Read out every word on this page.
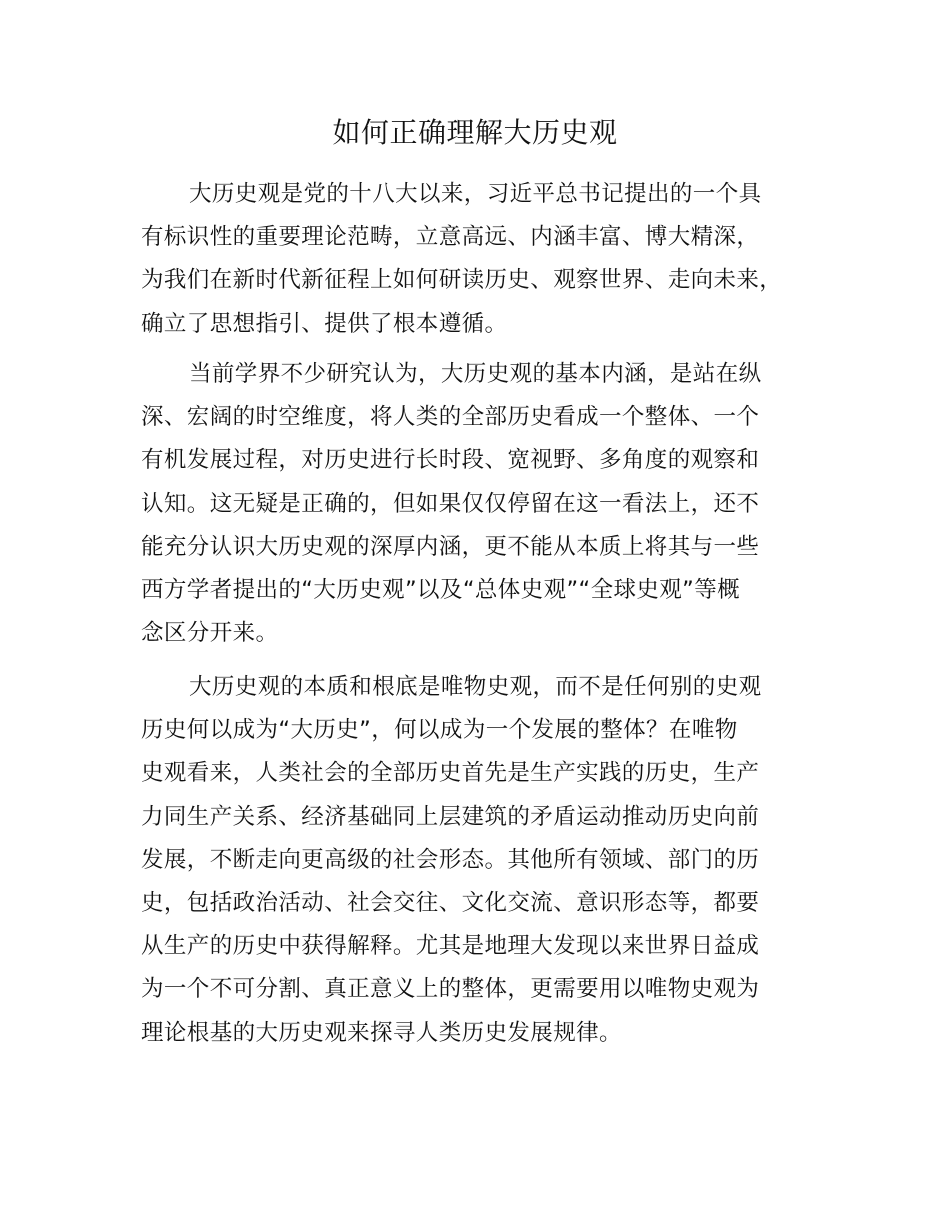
如何正确理解大历史观

大历史观是党的十八大以来，习近平总书记提出的一个具
有标识性的重要理论范畴，立意高远、内涵丰富、博大精深，
为我们在新时代新征程上如何研读历史、观察世界、走向未来，
确立了思想指引、提供了根本遵循。

当前学界不少研究认为，大历史观的基本内涵，是站在纵
深、宏阔的时空维度，将人类的全部历史看成一个整体、一个
有机发展过程，对历史进行长时段、宽视野、多角度的观察和
认知。这无疑是正确的，但如果仅仅停留在这一看法上，还不
能充分认识大历史观的深厚内涵，更不能从本质上将其与一些
西方学者提出的“大历史观”以及“总体史观”“全球史观”等概
念区分开来。

大历史观的本质和根底是唯物史观，而不是任何别的史观
历史何以成为“大历史”，何以成为一个发展的整体？在唯物
史观看来，人类社会的全部历史首先是生产实践的历史，生产
力同生产关系、经济基础同上层建筑的矛盾运动推动历史向前
发展，不断走向更高级的社会形态。其他所有领域、部门的历
史，包括政治活动、社会交往、文化交流、意识形态等，都要
从生产的历史中获得解释。尤其是地理大发现以来世界日益成
为一个不可分割、真正意义上的整体，更需要用以唯物史观为
理论根基的大历史观来探寻人类历史发展规律。
